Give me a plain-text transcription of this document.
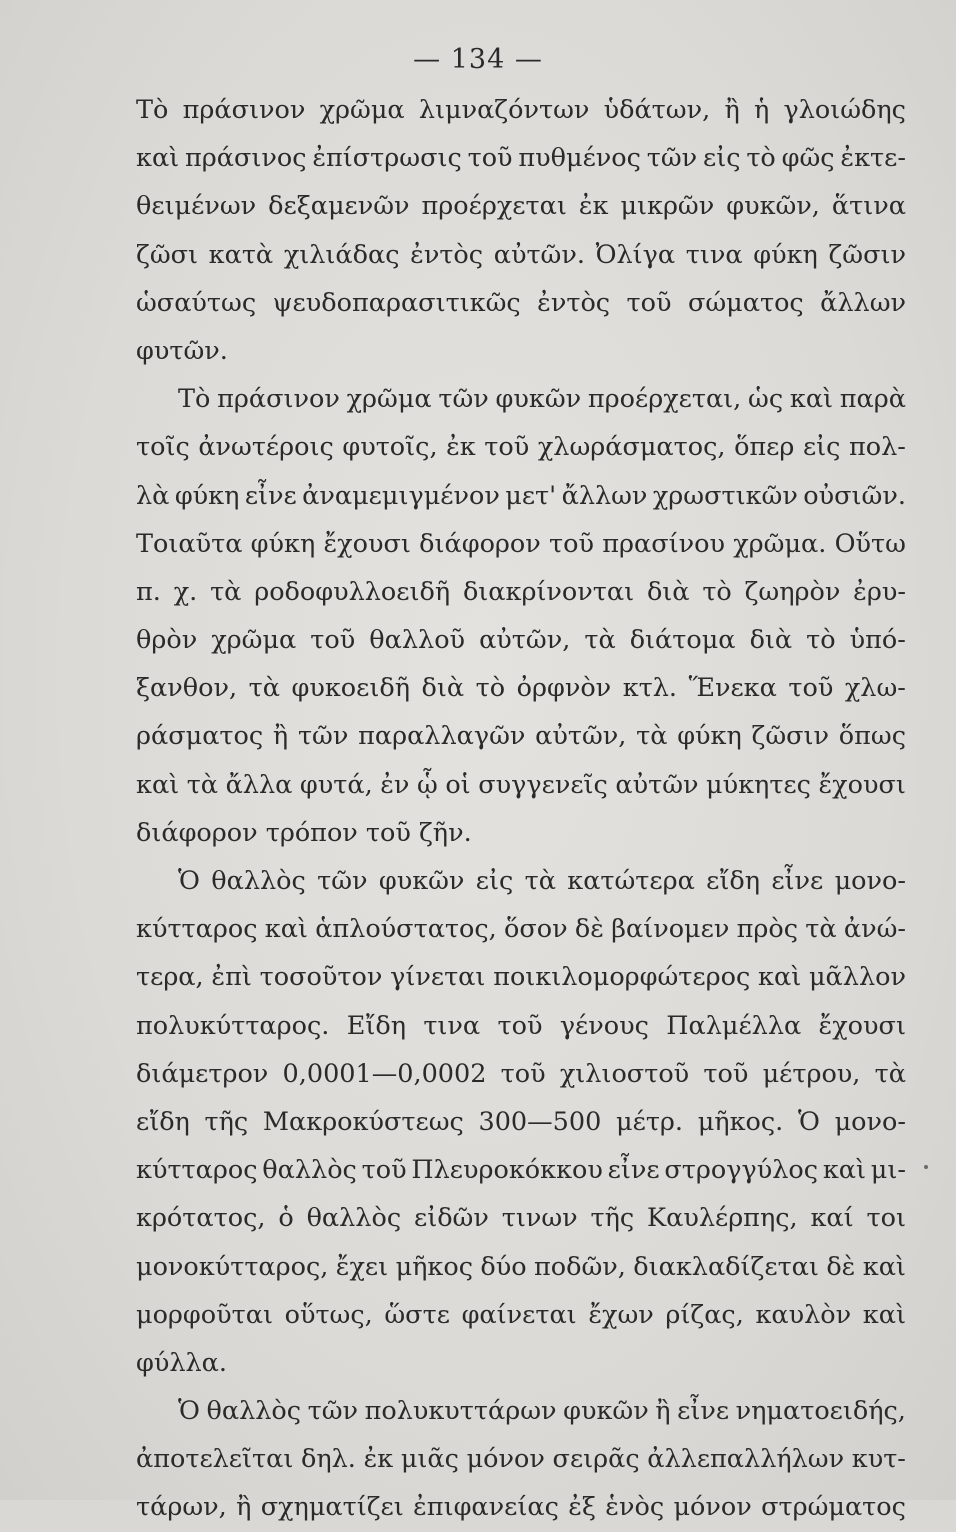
— 134 —
Τὸ πράσινον χρῶμα λιμναζόντων ὑδάτων, ἢ ἡ γλοιώδης
καὶ πράσινος ἐπίστρωσις τοῦ πυθμένος τῶν εἰς τὸ φῶς ἐκτε-
θειμένων δεξαμενῶν προέρχεται ἐκ μικρῶν φυκῶν, ἅτινα
ζῶσι κατὰ χιλιάδας ἐντὸς αὐτῶν. Ὀλίγα τινα φύκη ζῶσιν
ὡσαύτως ψευδοπαρασιτικῶς ἐντὸς τοῦ σώματος ἄλλων
φυτῶν.
Τὸ πράσινον χρῶμα τῶν φυκῶν προέρχεται, ὡς καὶ παρὰ
τοῖς ἀνωτέροις φυτοῖς, ἐκ τοῦ χλωράσματος, ὅπερ εἰς πολ-
λὰ φύκη εἶνε ἀναμεμιγμένον μετ' ἄλλων χρωστικῶν οὐσιῶν.
Τοιαῦτα φύκη ἔχουσι διάφορον τοῦ πρασίνου χρῶμα. Οὕτω
π. χ. τὰ ροδοφυλλοειδῆ διακρίνονται διὰ τὸ ζωηρὸν ἐρυ-
θρὸν χρῶμα τοῦ θαλλοῦ αὐτῶν, τὰ διάτομα διὰ τὸ ὑπό-
ξανθον, τὰ φυκοειδῆ διὰ τὸ ὀρφνὸν κτλ. Ἕνεκα τοῦ χλω-
ράσματος ἢ τῶν παραλλαγῶν αὐτῶν, τὰ φύκη ζῶσιν ὅπως
καὶ τὰ ἄλλα φυτά, ἐν ᾧ οἱ συγγενεῖς αὐτῶν μύκητες ἔχουσι
διάφορον τρόπον τοῦ ζῆν.
Ὁ θαλλὸς τῶν φυκῶν εἰς τὰ κατώτερα εἴδη εἶνε μονο-
κύτταρος καὶ ἁπλούστατος, ὅσον δὲ βαίνομεν πρὸς τὰ ἀνώ-
τερα, ἐπὶ τοσοῦτον γίνεται ποικιλομορφώτερος καὶ μᾶλλον
πολυκύτταρος. Εἴδη τινα τοῦ γένους Παλμέλλα ἔχουσι
διάμετρον 0,0001—0,0002 τοῦ χιλιοστοῦ τοῦ μέτρου, τὰ
εἴδη τῆς Μακροκύστεως 300—500 μέτρ. μῆκος. Ὁ μονο-
κύτταρος θαλλὸς τοῦ Πλευροκόκκου εἶνε στρογγύλος καὶ μι-
κρότατος, ὁ θαλλὸς εἰδῶν τινων τῆς Καυλέρπης, καί τοι
μονοκύτταρος, ἔχει μῆκος δύο ποδῶν, διακλαδίζεται δὲ καὶ
μορφοῦται οὕτως, ὥστε φαίνεται ἔχων ρίζας, καυλὸν καὶ
φύλλα.
Ὁ θαλλὸς τῶν πολυκυττάρων φυκῶν ἢ εἶνε νηματοειδής,
ἀποτελεῖται δηλ. ἐκ μιᾶς μόνον σειρᾶς ἀλλεπαλλήλων κυτ-
τάρων, ἢ σχηματίζει ἐπιφανείας ἐξ ἑνὸς μόνον στρώματος
